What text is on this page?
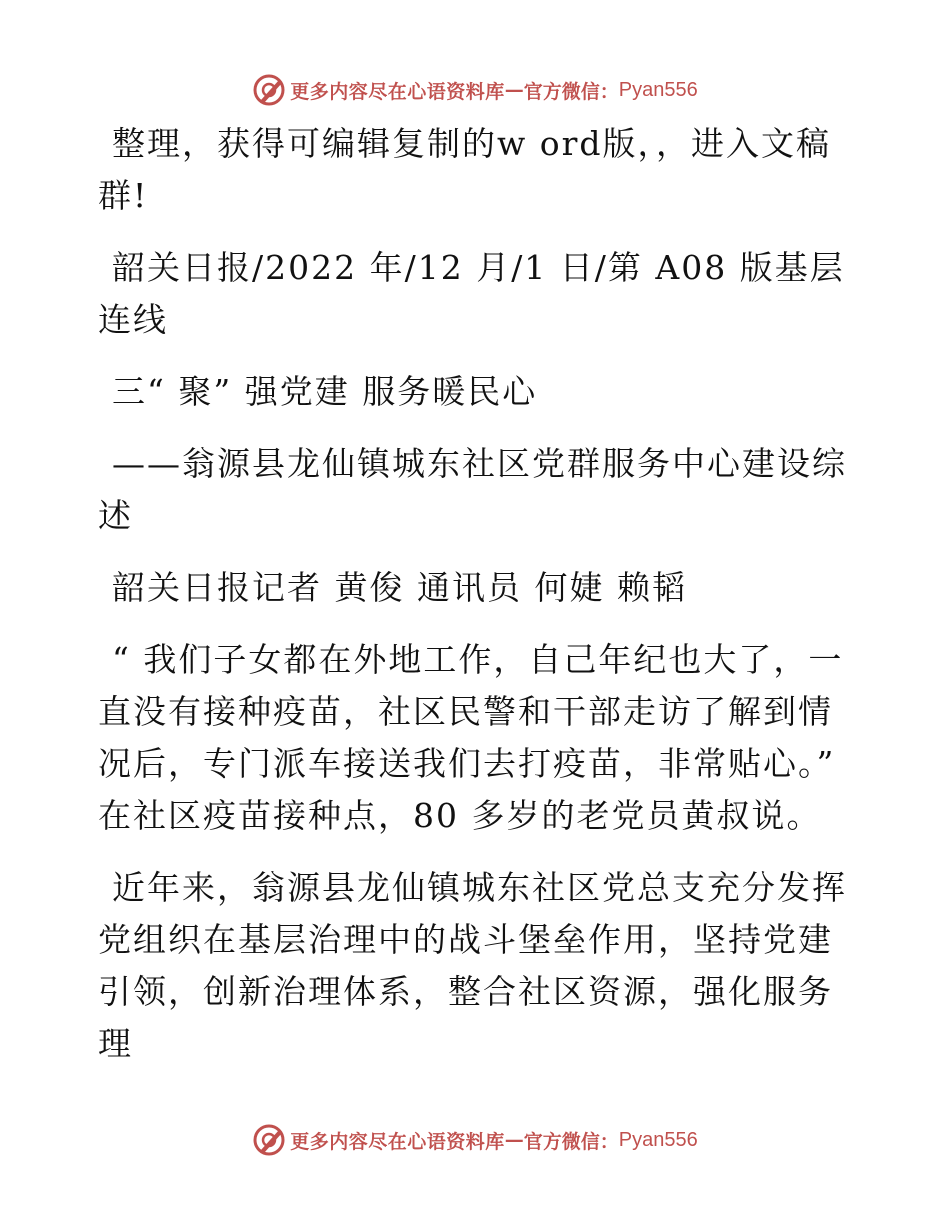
更多内容尽在心语资料库 — 官方微信： Pyan556

整理，获得可编辑复制的w ord版，，进入文稿群!

韶关日报/2022 年/12 月/1 日/第 A08 版基层连线

三“ 聚” 强党建 服务暖民心

——翁源县龙仙镇城东社区党群服务中心建设综述

韶关日报记者 黄俊 通讯员 何婕 赖韬

“ 我们子女都在外地工作，自己年纪也大了，一直没有接种疫苗，社区民警和干部走访了解到情况后，专门派车接送我们去打疫苗，非常贴心。” 在社区疫苗接种点，80 多岁的老党员黄叔说。

近年来，翁源县龙仙镇城东社区党总支充分发挥党组织在基层治理中的战斗堡垒作用，坚持党建引领，创新治理体系，整合社区资源，强化服务理

更多内容尽在心语资料库 — 官方微信： Pyan556
